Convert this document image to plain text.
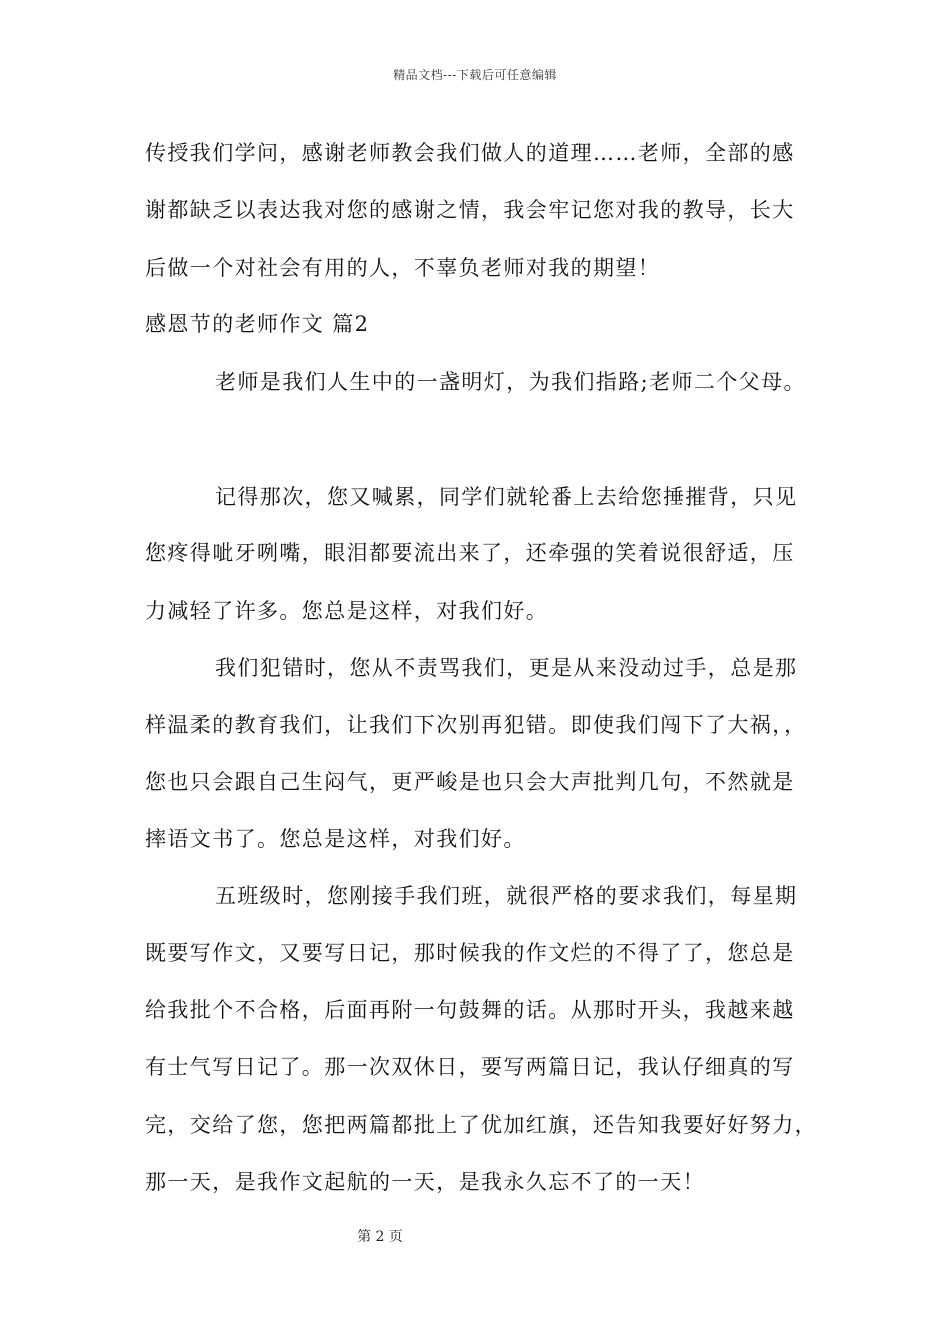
精品文档---下载后可任意编辑
传授我们学问，感谢老师教会我们做人的道理……老师，全部的感
谢都缺乏以表达我对您的感谢之情，我会牢记您对我的教导，长大
后做一个对社会有用的人，不辜负老师对我的期望！
感恩节的老师作文 篇2
老师是我们人生中的一盏明灯，为我们指路;老师二个父母。
记得那次，您又喊累，同学们就轮番上去给您捶摧背，只见
您疼得呲牙咧嘴，眼泪都要流出来了，还牵强的笑着说很舒适，压
力减轻了许多。您总是这样，对我们好。
我们犯错时，您从不责骂我们，更是从来没动过手，总是那
样温柔的教育我们，让我们下次别再犯错。即使我们闯下了大祸，，
您也只会跟自己生闷气，更严峻是也只会大声批判几句，不然就是
摔语文书了。您总是这样，对我们好。
五班级时，您刚接手我们班，就很严格的要求我们，每星期
既要写作文，又要写日记，那时候我的作文烂的不得了了，您总是
给我批个不合格，后面再附一句鼓舞的话。从那时开头，我越来越
有士气写日记了。那一次双休日，要写两篇日记，我认仔细真的写
完，交给了您，您把两篇都批上了优加红旗，还告知我要好好努力，
那一天，是我作文起航的一天，是我永久忘不了的一天！
第 2 页
